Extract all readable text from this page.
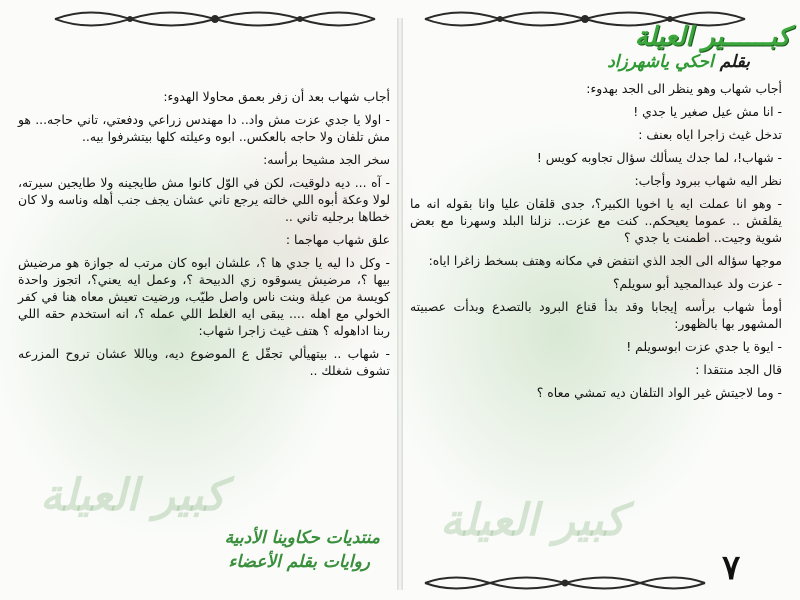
كبير العيلة
كبير العيلة
كبــــــير العيلة
بقلم احكي ياشهرزاد

أجاب شهاب وهو ينظر الى الجد بهدوء:

- انا مش عيل صغير يا جدي !

تدخل غيث زاجرا اياه بعنف :

- شهاب!، لما جدك يسألك سؤال تجاوبه كويس !

نظر اليه شهاب ببرود وأجاب:

- وهو انا عملت ايه يا اخويا الكبير؟، جدى قلقان عليا وانا بقوله انه ما يقلقش .. عموما يعيحكم.. كنت مع عزت.. نزلنا البلد وسهرنا مع بعض شوية وجيت.. اطمنت يا جدي ؟

موجها سؤاله الى الجد الذي انتفض في مكانه وهتف بسخط زاغرا اياه:

- عزت ولد عبدالمجيد أبو سويلم؟

أومأ شهاب برأسه إيجابا وقد بدأ قناع البرود بالتصدع وبدأت عصبيته المشهور بها بالظهور:

- ايوة يا جدي عزت ابوسويلم !

قال الجد منتقدا :

- وما لاجيتش غير الواد التلفان ديه تمشي معاه ؟

أجاب شهاب بعد أن زفر بعمق محاولا الهدوء:

- اولا يا جدي عزت مش واد.. دا مهندس زراعي ودفعتي، تاني حاجه... هو مش تلفان ولا حاجه بالعكس.. ابوه وعيلته كلها بيتشرفوا بيه..

سخر الجد مشيحا برأسه:

- آه ... ديه دلوقيت، لكن في الوّل كانوا مش طايجينه ولا طايجين سيرته، لولا وعكة أبوه اللي خالته يرجع تاني عشان يجف جنب أهله وناسه ولا كان خطاها برجليه تاني ..

علق شهاب مهاجما :

- وكل دا ليه يا جدي ها ؟، علشان ابوه كان مرتب له جوازة هو مرضيش بيها ؟، مرضيش يسوقوه زي الدبيحة ؟، وعمل ايه يعني؟، اتجوز واحدة كويسة من عيلة وبنت ناس واصل طيّب، ورضيت تعيش معاه هنا في كفر الخولي مع اهله .... يبقى ايه الغلط اللي عمله ؟، انه استخدم حقه اللي ربنا اداهوله ؟ هتف غيث زاجرا شهاب:

- شهاب .. بيتهيألي تجقّل ع الموضوع ديه، وياللا عشان تروح المزرعه تشوف شغلك ..

منتديات حكاوينا الأدبية
روايات بقلم الأعضاء	٧
